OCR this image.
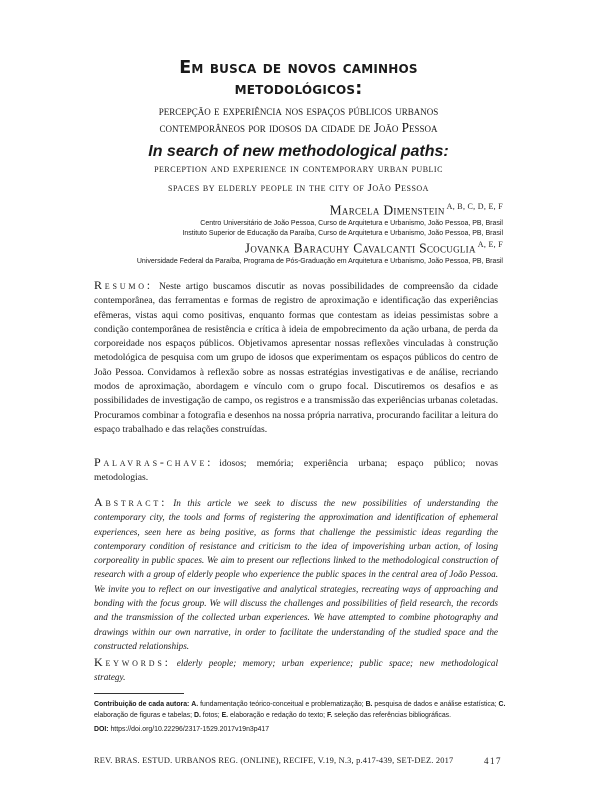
Em busca de novos caminhos
metodológicos:
percepção e experiência nos espaços públicos urbanos
contemporâneos por idosos da cidade de João Pessoa
In search of new methodological paths:
perception and experience in contemporary urban public
spaces by elderly people in the city of João Pessoa
Marcela Dimenstein $^{A, B, C, D, E, F}$
Centro Universitário de João Pessoa, Curso de Arquitetura e Urbanismo, João Pessoa, PB, Brasil
Instituto Superior de Educação da Paraíba, Curso de Arquitetura e Urbanismo, João Pessoa, PB, Brasil
Jovanka Baracuhy Cavalcanti Scocuglia $^{A, E, F}$
Universidade Federal da Paraíba, Programa de Pós-Graduação em Arquitetura e Urbanismo, João Pessoa, PB, Brasil
Resumo: Neste artigo buscamos discutir as novas possibilidades de compreensão da cidade contemporânea, das ferramentas e formas de registro de aproximação e identificação das experiências efêmeras, vistas aqui como positivas, enquanto formas que contestam as ideias pessimistas sobre a condição contemporânea de resistência e crítica à ideia de empobrecimento da ação urbana, de perda da corporeidade nos espaços públicos. Objetivamos apresentar nossas reflexões vinculadas à construção metodológica de pesquisa com um grupo de idosos que experimentam os espaços públicos do centro de João Pessoa. Convidamos à reflexão sobre as nossas estratégias investigativas e de análise, recriando modos de aproximação, abordagem e vínculo com o grupo focal. Discutiremos os desafios e as possibilidades de investigação de campo, os registros e a transmissão das experiências urbanas coletadas. Procuramos combinar a fotografia e desenhos na nossa própria narrativa, procurando facilitar a leitura do espaço trabalhado e das relações construídas.
Palavras-chave: idosos; memória; experiência urbana; espaço público; novas metodologias.
Abstract: In this article we seek to discuss the new possibilities of understanding the contemporary city, the tools and forms of registering the approximation and identification of ephemeral experiences, seen here as being positive, as forms that challenge the pessimistic ideas regarding the contemporary condition of resistance and criticism to the idea of impoverishing urban action, of losing corporeality in public spaces. We aim to present our reflections linked to the methodological construction of research with a group of elderly people who experience the public spaces in the central area of João Pessoa. We invite you to reflect on our investigative and analytical strategies, recreating ways of approaching and bonding with the focus group. We will discuss the challenges and possibilities of field research, the records and the transmission of the collected urban experiences. We have attempted to combine photography and drawings within our own narrative, in order to facilitate the understanding of the studied space and the constructed relationships.
Keywords: elderly people; memory; urban experience; public space; new methodological strategy.
Contribuição de cada autora: A. fundamentação teórico-conceitual e problematização; B. pesquisa de dados e análise estatística; C. elaboração de figuras e tabelas; D. fotos; E. elaboração e redação do texto; F. seleção das referências bibliográficas.
DOI: https://doi.org/10.22296/2317-1529.2017v19n3p417
REV. BRAS. ESTUD. URBANOS REG. (ONLINE), RECIFE, V.19, N.3, p.417-439, SET-DEZ. 2017	417
